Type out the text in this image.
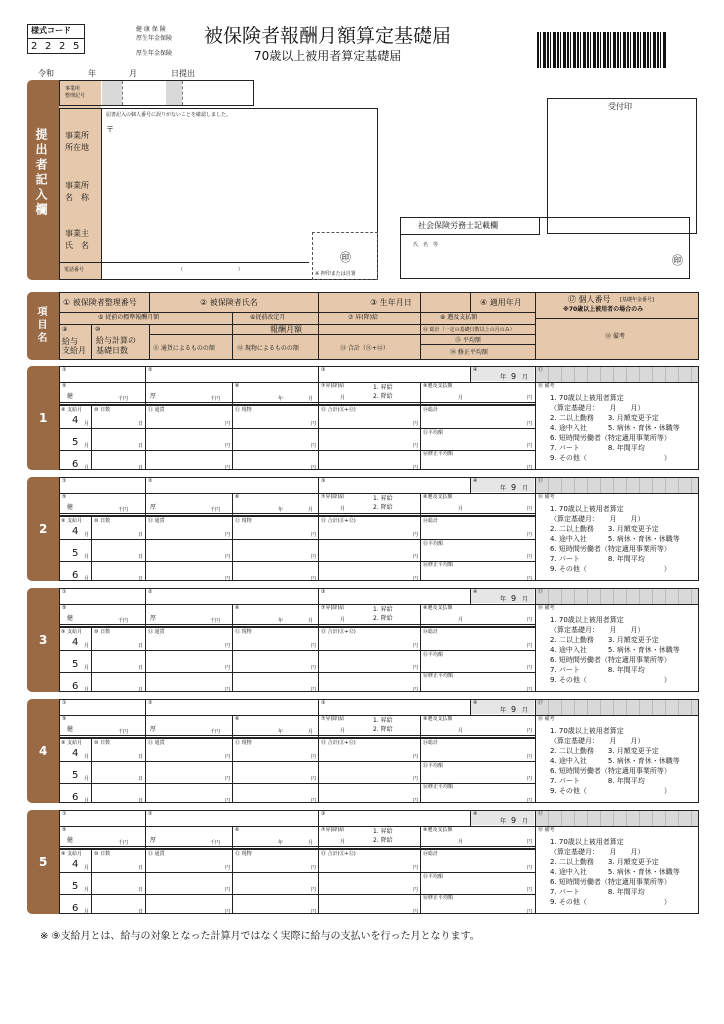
様式コード
2 2 2 5
健 康 保 険
厚生年金保険
厚生年金保険
被保険者報酬月額算定基礎届
70歳以上被用者算定基礎届
令和	年	月	日提出
提出者記入欄
事業所
整理記号
届書記入の個人番号に誤りがないことを確認しました。
〒
事業所
所在地
事業所
名　称
事業主
氏　名
電話番号	（	）
㊞
※ 押印または自署
受付印
社会保険労務士記載欄
氏　名　等
㊞
項目名
① 被保険者整理番号	② 被保険者氏名	③ 生年月日	④ 適用年月	⑰ 個人番号 [基礎年金番号]
※70歳以上被用者の場合のみ
⑤ 従前の標準報酬月額	⑥従前改定月	⑦ 昇(降)給	⑧ 遡及支払額
⑨
給与
支給月
⑩
給与計算の
基礎日数
報酬月額
⑪ 通貨によるものの額	⑫ 現物によるものの額	⑬ 合計（⑪+⑫）
⑭ 総計（一定の基礎日数以上の月のみ）
⑮ 平均額
⑯ 修正平均額
⑱ 備考
1
①	②	③	④	⑰
年 9 月
⑤
健	千円	厚	千円
⑥
年	月
⑦昇(降)給
月
1. 昇給
2. 降給
⑧遡及支払額
月	円
⑨ 支給月 ⑩ 日数	⑪ 通貨	⑫ 現物	⑬ 合計(⑪+⑫)	⑭総計
⑮平均額
⑯修正平均額
4 月	日	円	円	円	円
5 月	日	円	円	円	円
6 月	日	円	円	円	円
1. 70歳以上被用者算定
（算定基礎月：　　月　　月）
2. 二以上勤務　　3. 月額変更予定
4. 途中入社　　　5. 病休・育休・休職等
6. 短時間労働者（特定適用事業所等）
7. パート　　　　8. 年間平均
9. その他（　　　　　　　　　　　）
⑱ 備考
2
①	②	③	④	⑰
年 9 月
⑤
健	千円	厚	千円
⑥
年	月
⑦昇(降)給
月
1. 昇給
2. 降給
⑧遡及支払額
月	円
⑨ 支給月 ⑩ 日数	⑪ 通貨	⑫ 現物	⑬ 合計(⑪+⑫)	⑭総計
⑮平均額
⑯修正平均額
4 月	日	円	円	円	円
5 月	日	円	円	円	円
6 月	日	円	円	円	円
1. 70歳以上被用者算定
（算定基礎月：　　月　　月）
2. 二以上勤務　　3. 月額変更予定
4. 途中入社　　　5. 病休・育休・休職等
6. 短時間労働者（特定適用事業所等）
7. パート　　　　8. 年間平均
9. その他（　　　　　　　　　　　）
⑱ 備考
3
①	②	③	④	⑰
年 9 月
⑤
健	千円	厚	千円
⑥
年	月
⑦昇(降)給
月
1. 昇給
2. 降給
⑧遡及支払額
月	円
⑨ 支給月 ⑩ 日数	⑪ 通貨	⑫ 現物	⑬ 合計(⑪+⑫)	⑭総計
⑮平均額
⑯修正平均額
4 月	日	円	円	円	円
5 月	日	円	円	円	円
6 月	日	円	円	円	円
1. 70歳以上被用者算定
（算定基礎月：　　月　　月）
2. 二以上勤務　　3. 月額変更予定
4. 途中入社　　　5. 病休・育休・休職等
6. 短時間労働者（特定適用事業所等）
7. パート　　　　8. 年間平均
9. その他（　　　　　　　　　　　）
⑱ 備考
4
①	②	③	④	⑰
年 9 月
⑤
健	千円	厚	千円
⑥
年	月
⑦昇(降)給
月
1. 昇給
2. 降給
⑧遡及支払額
月	円
⑨ 支給月 ⑩ 日数	⑪ 通貨	⑫ 現物	⑬ 合計(⑪+⑫)	⑭総計
⑮平均額
⑯修正平均額
4 月	日	円	円	円	円
5 月	日	円	円	円	円
6 月	日	円	円	円	円
1. 70歳以上被用者算定
（算定基礎月：　　月　　月）
2. 二以上勤務　　3. 月額変更予定
4. 途中入社　　　5. 病休・育休・休職等
6. 短時間労働者（特定適用事業所等）
7. パート　　　　8. 年間平均
9. その他（　　　　　　　　　　　）
⑱ 備考
5
①	②	③	④	⑰
年 9 月
⑤
健	千円	厚	千円
⑥
年	月
⑦昇(降)給
月
1. 昇給
2. 降給
⑧遡及支払額
月	円
⑨ 支給月 ⑩ 日数	⑪ 通貨	⑫ 現物	⑬ 合計(⑪+⑫)	⑭総計
⑮平均額
⑯修正平均額
4 月	日	円	円	円	円
5 月	日	円	円	円	円
6 月	日	円	円	円	円
1. 70歳以上被用者算定
（算定基礎月：　　月　　月）
2. 二以上勤務　　3. 月額変更予定
4. 途中入社　　　5. 病休・育休・休職等
6. 短時間労働者（特定適用事業所等）
7. パート　　　　8. 年間平均
9. その他（　　　　　　　　　　　）
⑱ 備考
※ ⑨支給月とは、給与の対象となった計算月ではなく実際に給与の支払いを行った月となります。
